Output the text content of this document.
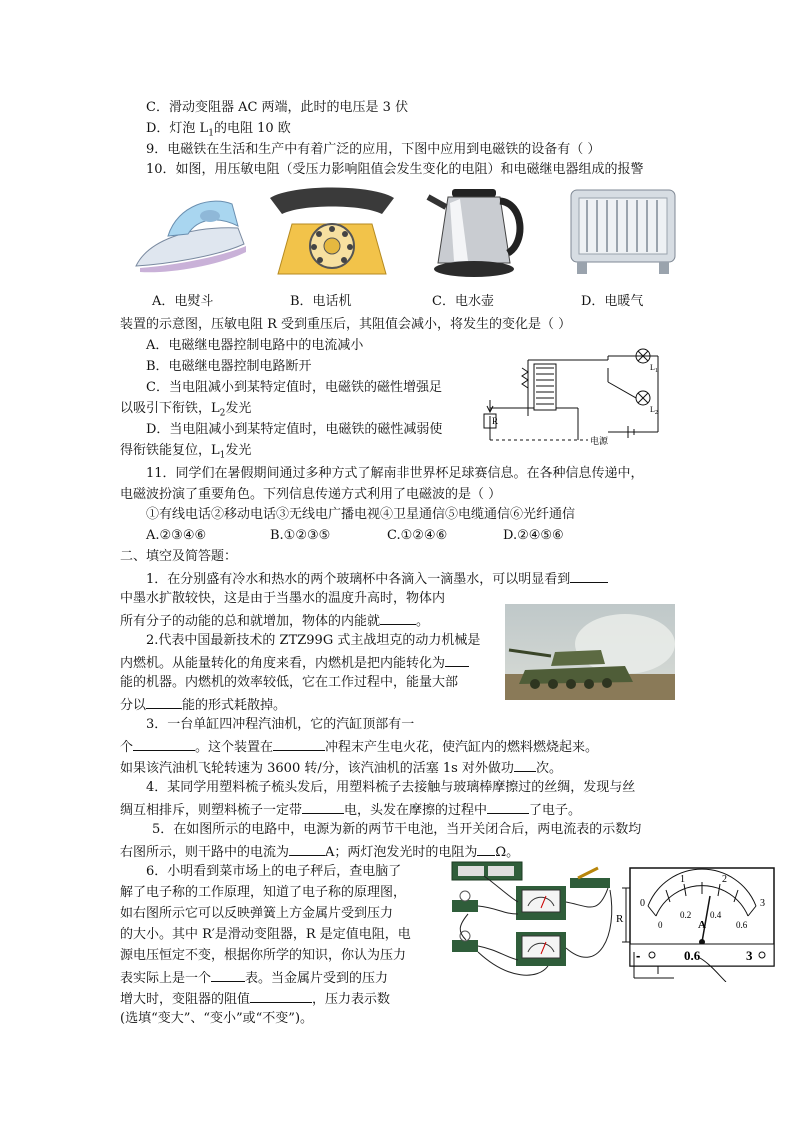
C．滑动变阻器 AC 两端，此时的电压是 3 伏
D．灯泡 $L_1$的电阻 10 欧
9．电磁铁在生活和生产中有着广泛的应用，下图中应用到电磁铁的设备有（ ）
10．如图，用压敏电阻（受压力影响阻值会发生变化的电阻）和电磁继电器组成的报警
A．电熨斗	B．电话机	C．电水壶	D．电暖气
装置的示意图，压敏电阻 R 受到重压后，其阻值会减小，将发生的变化是（ ）
A．电磁继电器控制电路中的电流减小
B．电磁继电器控制电路断开
C．当电阻减小到某特定值时，电磁铁的磁性增强足
以吸引下衔铁，$L_2$发光
D．当电阻减小到某特定值时，电磁铁的磁性减弱使
得衔铁能复位，$L_1$发光
R
$L_1$
$L_2$
电源
11．同学们在暑假期间通过多种方式了解南非世界杯足球赛信息。在各种信息传递中，
电磁波扮演了重要角色。下列信息传递方式利用了电磁波的是（ ）
①有线电话②移动电话③无线电广播电视④卫星通信⑤电缆通信⑥光纤通信
A.②③④⑥	B.①②③⑤	C.①②④⑥	D.②④⑤⑥
二、填空及简答题：
1．在分别盛有冷水和热水的两个玻璃杯中各滴入一滴墨水，可以明显看到
中墨水扩散较快，这是由于当墨水的温度升高时，物体内
所有分子的动能的总和就增加，物体的内能就	。
2.代表中国最新技术的 ZTZ99G 式主战坦克的动力机械是
内燃机。从能量转化的角度来看，内燃机是把内能转化为
能的机器。内燃机的效率较低，它在工作过程中，能量大部
分以	能的形式耗散掉。
3．一台单缸四冲程汽油机，它的汽缸顶部有一
个	。这个装置在	冲程末产生电火花，使汽缸内的燃料燃烧起来。
如果该汽油机飞轮转速为 3600 转/分，该汽油机的活塞 1s 对外做功 次。
4．某同学用塑料梳子梳头发后，用塑料梳子去接触与玻璃棒摩擦过的丝绸，发现与丝
绸互相排斥，则塑料梳子一定带	电，头发在摩擦的过程中	了电子。
5．在如图所示的电路中，电源为新的两节干电池，当开关闭合后，两电流表的示数均
右图所示，则干路中的电流为	A；两灯泡发光时的电阻为 Ω。
6．小明看到菜市场上的电子秤后，查电脑了
解了电子称的工作原理，知道了电子称的原理图，
如右图所示它可以反映弹簧上方金属片受到压力
的大小。其中 R′是滑动变阻器，R 是定值电阻，电
源电压恒定不变，根据你所学的知识，你认为压力
表实际上是一个	表。当金属片受到的压力
增大时，变阻器的阻值	，压力表示数
(选填“变大”、“变小”或“不变”)。
0
1	2
3
0
0.2 0.4
0.6
A
-	0.6	3
R
